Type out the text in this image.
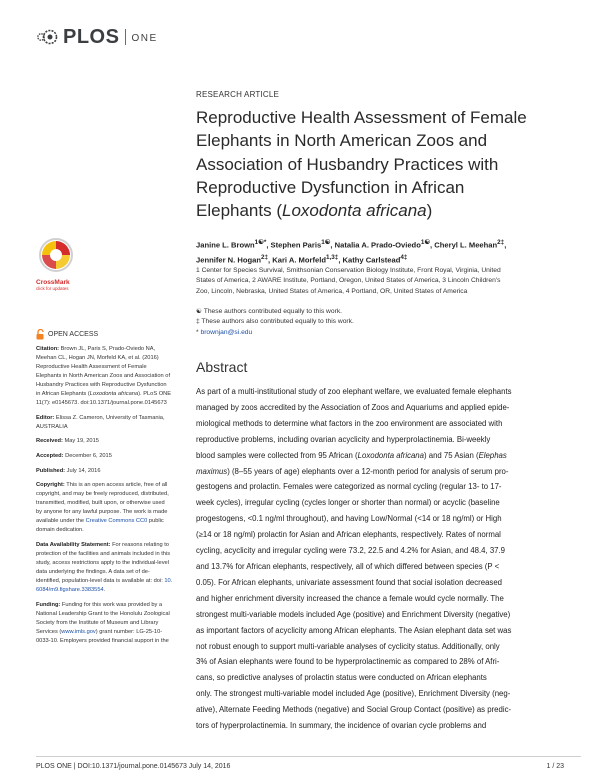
PLOS ONE
RESEARCH ARTICLE
Reproductive Health Assessment of Female
Elephants in North American Zoos and
Association of Husbandry Practices with
Reproductive Dysfunction in African
Elephants (Loxodonta africana)
Janine L. Brown$^{1☯*}$, Stephen Paris$^{1☯}$, Natalia A. Prado-Oviedo$^{1☯}$, Cheryl L. Meehan$^{2\ddagger}$,
Jennifer N. Hogan$^{2\ddagger}$, Kari A. Morfeld$^{1,3\ddagger}$, Kathy Carlstead$^{4\ddagger}$
1 Center for Species Survival, Smithsonian Conservation Biology Institute, Front Royal, Virginia, United
States of America, 2 AWARE Institute, Portland, Oregon, United States of America, 3 Lincoln Children's
Zoo, Lincoln, Nebraska, United States of America, 4 Portland, OR, United States of America
☯ These authors contributed equally to this work.
‡ These authors also contributed equally to this work.
* brownjan@si.edu
CrossMark
click for updates
OPEN ACCESS
Citation: Brown JL, Paris S, Prado-Oviedo NA,
Meehan CL, Hogan JN, Morfeld KA, et al. (2016)
Reproductive Health Assessment of Female
Elephants in North American Zoos and Association of
Husbandry Practices with Reproductive Dysfunction
in African Elephants (Loxodonta africana). PLoS ONE
11(7): e0145673. doi:10.1371/journal.pone.0145673
Editor: Elissa Z. Cameron, University of Tasmania,
AUSTRALIA
Received: May 19, 2015
Accepted: December 6, 2015
Published: July 14, 2016
Copyright: This is an open access article, free of all
copyright, and may be freely reproduced, distributed,
transmitted, modified, built upon, or otherwise used
by anyone for any lawful purpose. The work is made
available under the Creative Commons CC0 public
domain dedication.
Data Availability Statement: For reasons relating to
protection of the facilities and animals included in this
study, access restrictions apply to the individual-level
data underlying the findings. A data set of de-
identified, population-level data is available at: doi: 10.
6084/m9.figshare.3383554.
Funding: Funding for this work was provided by a
National Leadership Grant to the Honolulu Zoological
Society from the Institute of Museum and Library
Services (www.imls.gov) grant number: LG-25-10-
0033-10. Employers provided financial support in the
Abstract
As part of a multi-institutional study of zoo elephant welfare, we evaluated female elephants
managed by zoos accredited by the Association of Zoos and Aquariums and applied epide-
miological methods to determine what factors in the zoo environment are associated with
reproductive problems, including ovarian acyclicity and hyperprolactinemia. Bi-weekly
blood samples were collected from 95 African (Loxodonta africana) and 75 Asian (Elephas
maximus) (8–55 years of age) elephants over a 12-month period for analysis of serum pro-
gestogens and prolactin. Females were categorized as normal cycling (regular 13- to 17-
week cycles), irregular cycling (cycles longer or shorter than normal) or acyclic (baseline
progestogens, <0.1 ng/ml throughout), and having Low/Normal (<14 or 18 ng/ml) or High
(≥14 or 18 ng/ml) prolactin for Asian and African elephants, respectively. Rates of normal
cycling, acyclicity and irregular cycling were 73.2, 22.5 and 4.2% for Asian, and 48.4, 37.9
and 13.7% for African elephants, respectively, all of which differed between species (P <
0.05). For African elephants, univariate assessment found that social isolation decreased
and higher enrichment diversity increased the chance a female would cycle normally. The
strongest multi-variable models included Age (positive) and Enrichment Diversity (negative)
as important factors of acyclicity among African elephants. The Asian elephant data set was
not robust enough to support multi-variable analyses of cyclicity status. Additionally, only
3% of Asian elephants were found to be hyperprolactinemic as compared to 28% of Afri-
cans, so predictive analyses of prolactin status were conducted on African elephants
only. The strongest multi-variable model included Age (positive), Enrichment Diversity (neg-
ative), Alternate Feeding Methods (negative) and Social Group Contact (positive) as predic-
tors of hyperprolactinemia. In summary, the incidence of ovarian cycle problems and
PLOS ONE | DOI:10.1371/journal.pone.0145673 July 14, 2016	1 / 23
